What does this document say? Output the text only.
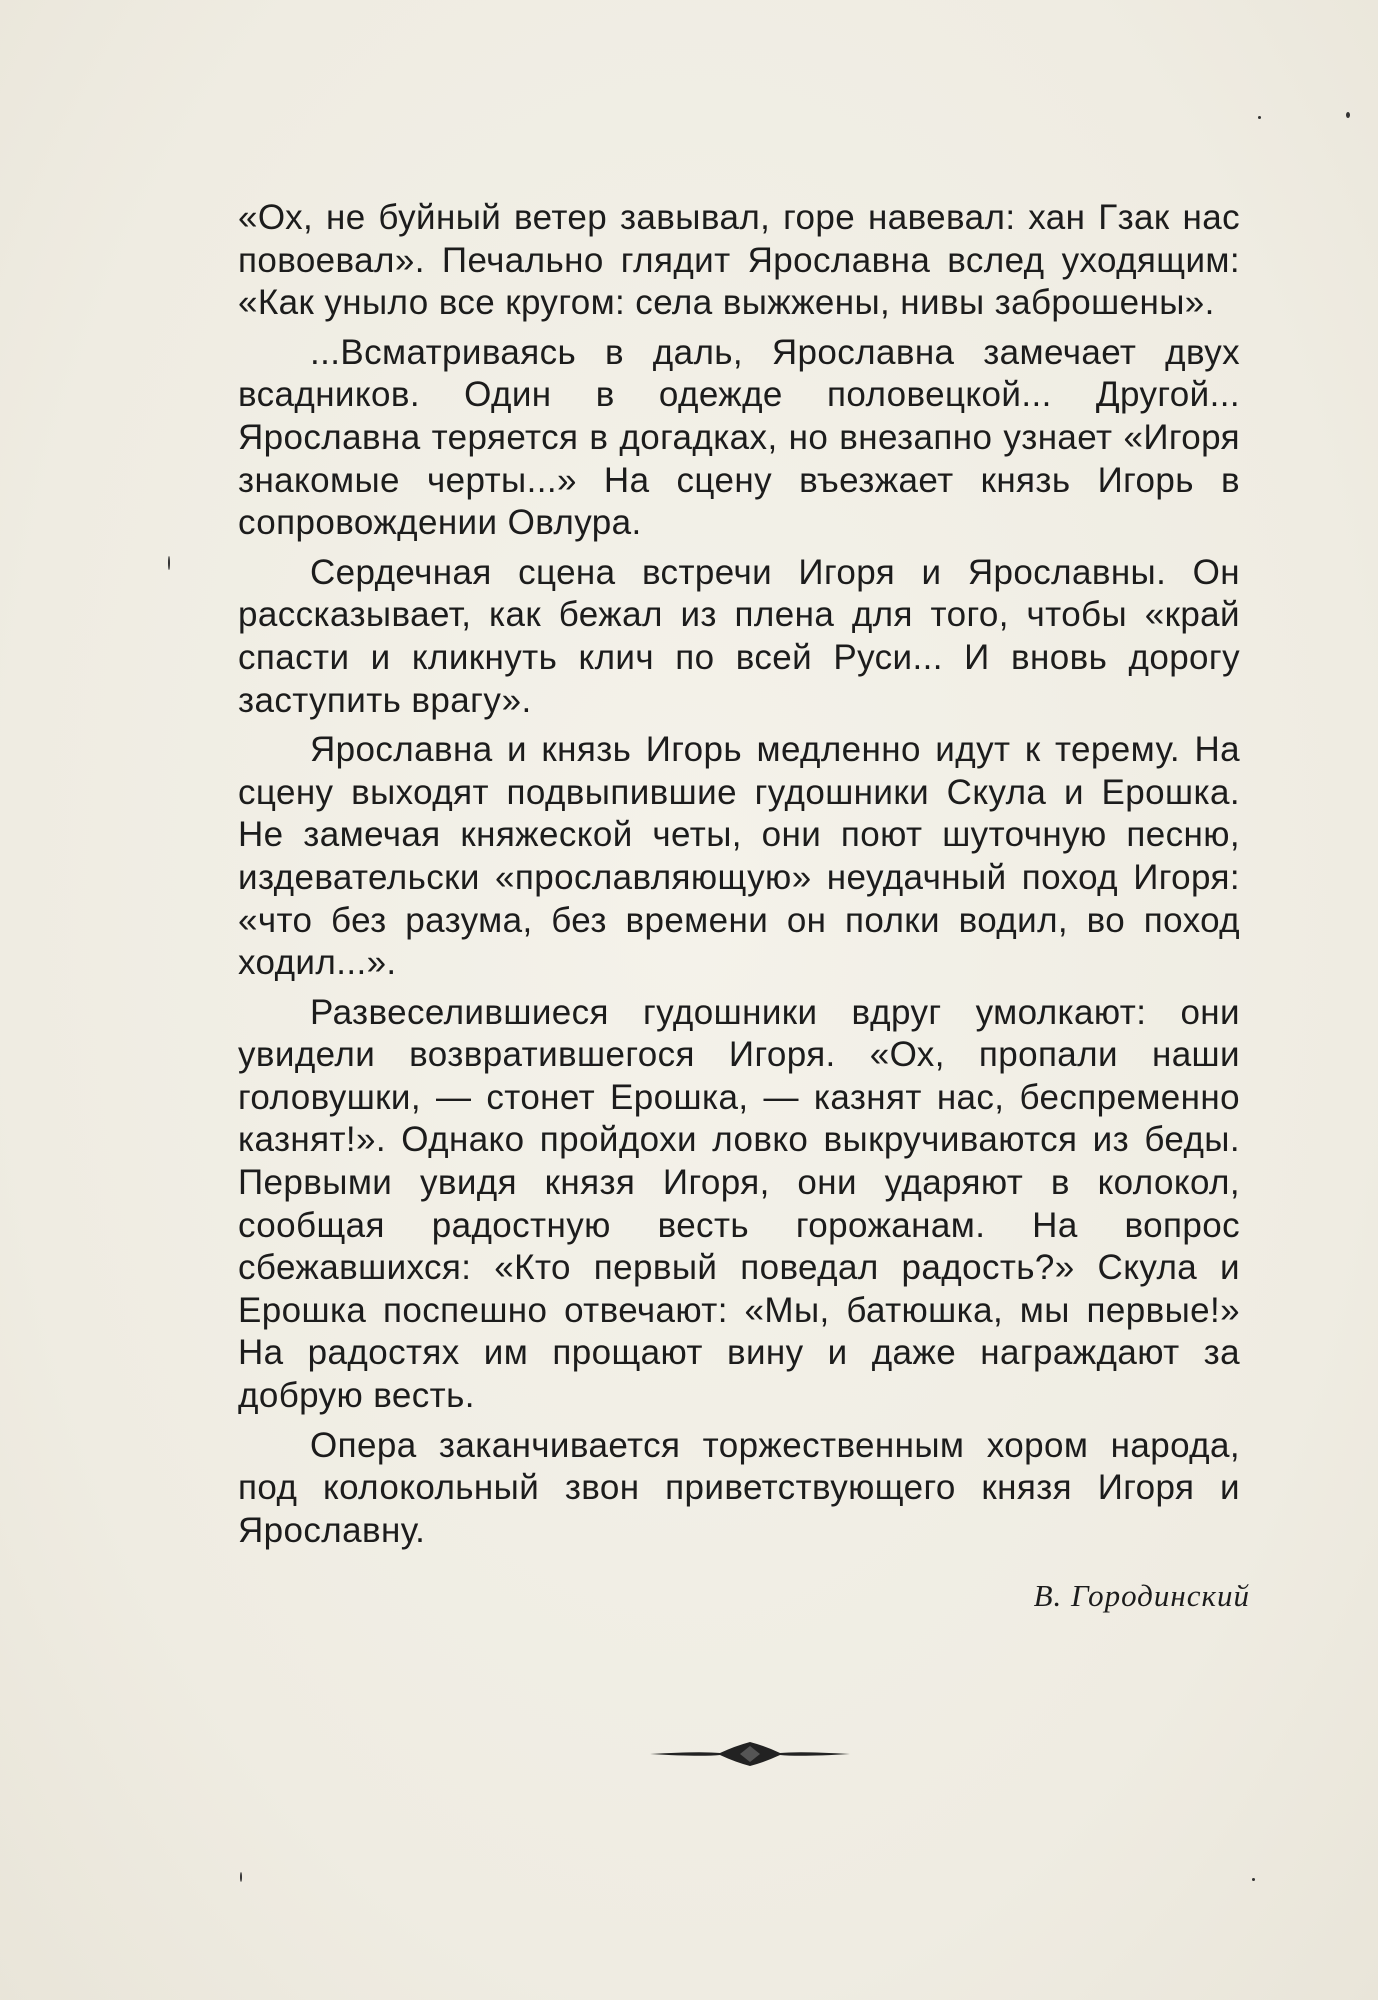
«Ох, не буйный ветер завывал, горе навевал: хан Гзак нас повоевал». Печально глядит Ярославна вслед уходящим: «Как уныло все кругом: села выжжены, нивы заброшены».

...Всматриваясь в даль, Ярославна замечает двух всадников. Один в одежде половецкой... Другой... Ярославна теряется в догадках, но внезапно узнает «Игоря знакомые черты...» На сцену въезжает князь Игорь в сопровождении Овлура.

Сердечная сцена встречи Игоря и Ярославны. Он рассказывает, как бежал из плена для того, чтобы «край спасти и кликнуть клич по всей Руси... И вновь дорогу заступить врагу».

Ярославна и князь Игорь медленно идут к терему. На сцену выходят подвыпившие гудошники Скула и Ерошка. Не замечая княжеской четы, они поют шуточную песню, издевательски «прославляющую» неудачный поход Игоря: «что без разума, без времени он полки водил, во поход ходил...».

Развеселившиеся гудошники вдруг умолкают: они увидели возвратившегося Игоря. «Ох, пропали наши головушки, — стонет Ерошка, — казнят нас, беспременно казнят!». Однако пройдохи ловко выкручиваются из беды. Первыми увидя князя Игоря, они ударяют в колокол, сообщая радостную весть горожанам. На вопрос сбежавшихся: «Кто первый поведал радость?» Скула и Ерошка поспешно отвечают: «Мы, батюшка, мы первые!» На радостях им прощают вину и даже награждают за добрую весть.

Опера заканчивается торжественным хором народа, под колокольный звон приветствующего князя Игоря и Ярославну.

В. Городинский
